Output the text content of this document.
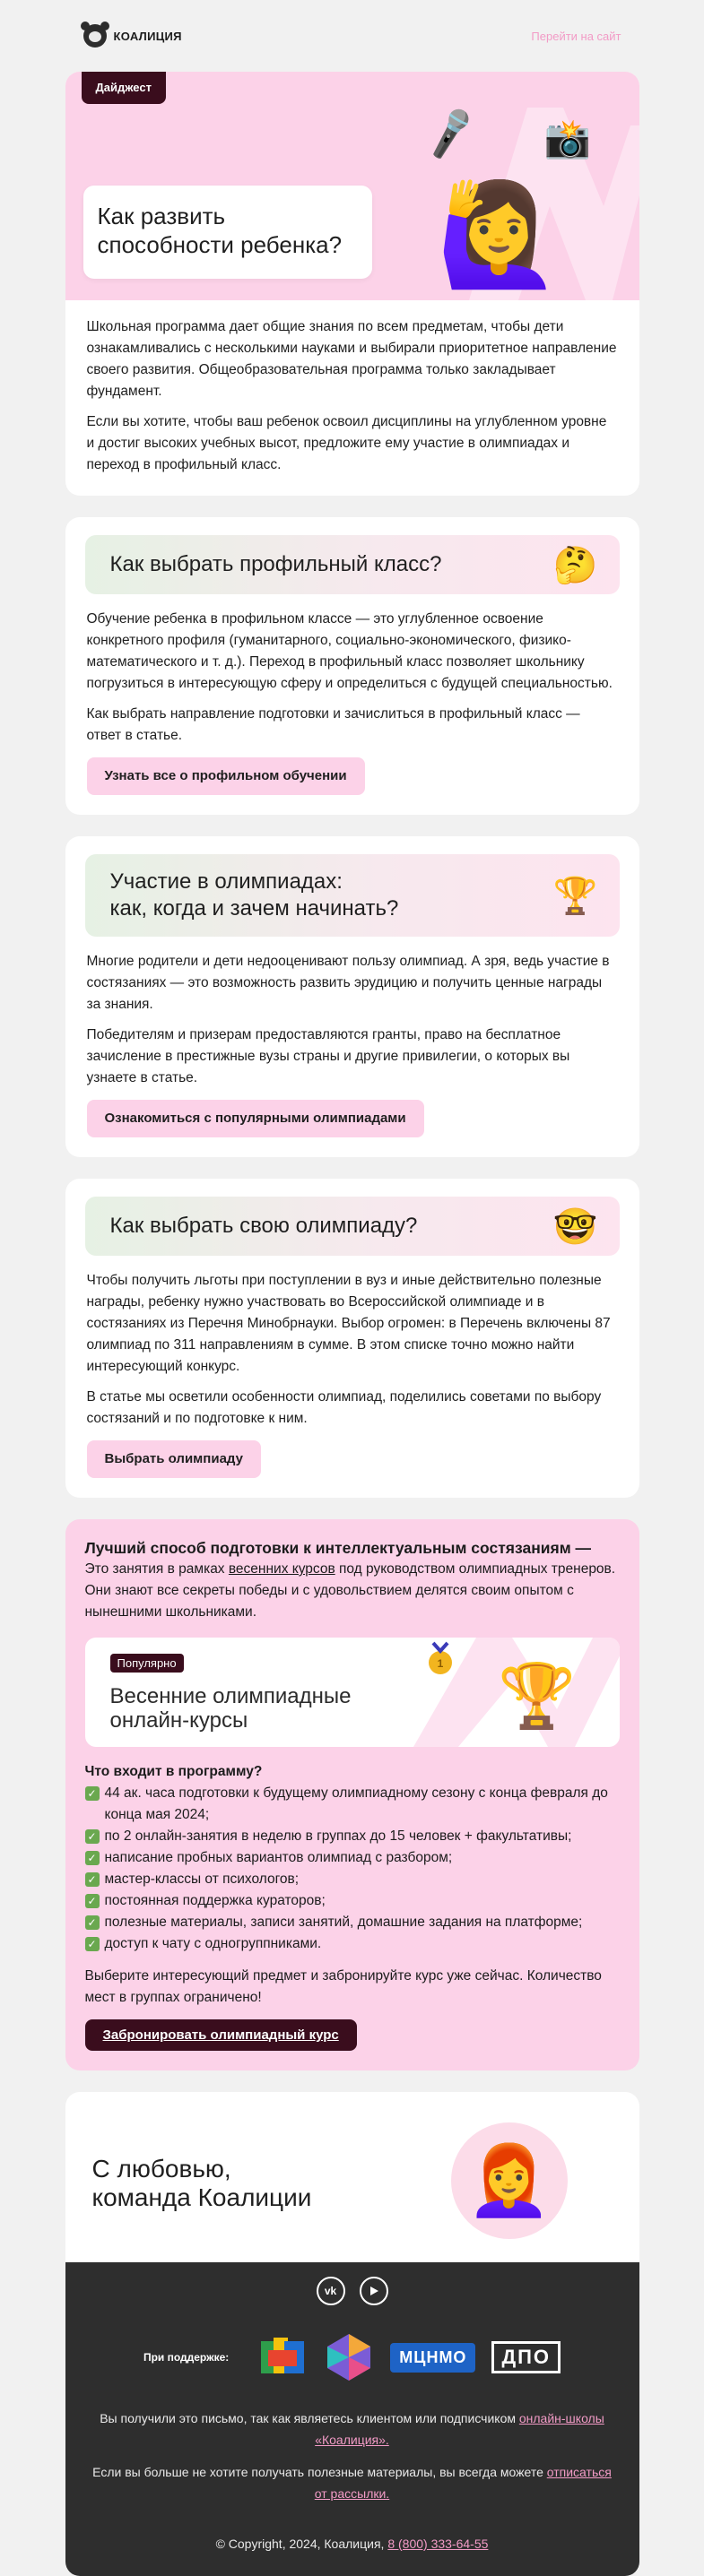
КОАЛИЦИЯ	Перейти на сайт
Дайджест
Как развить
способности ребенка?
🎤 📸
🙋‍♀️

Школьная программа дает общие знания по всем предметам, чтобы дети ознакамливались с несколькими науками и выбирали приоритетное направление своего развития. Общеобразовательная программа только закладывает фундамент.

Если вы хотите, чтобы ваш ребенок освоил дисциплины на углубленном уровне и достиг высоких учебных высот, предложите ему участие в олимпиадах и переход в профильный класс.

Как выбрать профильный класс?	🤔

Обучение ребенка в профильном классе — это углубленное освоение конкретного профиля (гуманитарного, социально-экономического, физико-математического и т. д.). Переход в профильный класс позволяет школьнику погрузиться в интересующую сферу и определиться с будущей специальностью.

Как выбрать направление подготовки и зачислиться в профильный класс — ответ в статье.

Узнать все о профильном обучении
Участие в олимпиадах:
как, когда и зачем начинать?	🏆

Многие родители и дети недооценивают пользу олимпиад. А зря, ведь участие в состязаниях — это возможность развить эрудицию и получить ценные награды за знания.

Победителям и призерам предоставляются гранты, право на бесплатное зачисление в престижные вузы страны и другие привилегии, о которых вы узнаете в статье.

Ознакомиться с популярными олимпиадами
Как выбрать свою олимпиаду?	🤓

Чтобы получить льготы при поступлении в вуз и иные действительно полезные награды, ребенку нужно участвовать во Всероссийской олимпиаде и в состязаниях из Перечня Минобрнауки. Выбор огромен: в Перечень включены 87 олимпиад по 311 направлениям в сумме. В этом списке точно можно найти интересующий конкурс.

В статье мы осветили особенности олимпиад, поделились советами по выбору состязаний и по подготовке к ним.

Выбрать олимпиаду
Лучший способ подготовки к интеллектуальным состязаниям —

Это занятия в рамках весенних курсов под руководством олимпиадных тренеров. Они знают все секреты победы и с удовольствием делятся своим опытом с нынешними школьниками.

1 🏆
Популярно
Весенние олимпиадные
онлайн-курсы
Что входит в программу?
✓ 44 ак. часа подготовки к будущему олимпиадному сезону с конца февраля до конца мая 2024;
✓ по 2 онлайн-занятия в неделю в группах до 15 человек + факультативы;
✓ написание пробных вариантов олимпиад с разбором;
✓ мастер-классы от психологов;
✓ постоянная поддержка кураторов;
✓ полезные материалы, записи занятий, домашние задания на платформе;
✓ доступ к чату с одногруппниками.

Выберите интересующий предмет и забронируйте курс уже сейчас. Количество мест в группах ограничено!

Забронировать олимпиадный курс
С любовью,
команда Коалиции 👩‍🦰
vk
При поддержке:	МЦНМО	ДПО

Вы получили это письмо, так как являетесь клиентом или подписчиком онлайн-школы «Коалиция».

Если вы больше не хотите получать полезные материалы, вы всегда можете отписаться от рассылки.

© Copyright, 2024, Коалиция, 8 (800) 333-64-55
